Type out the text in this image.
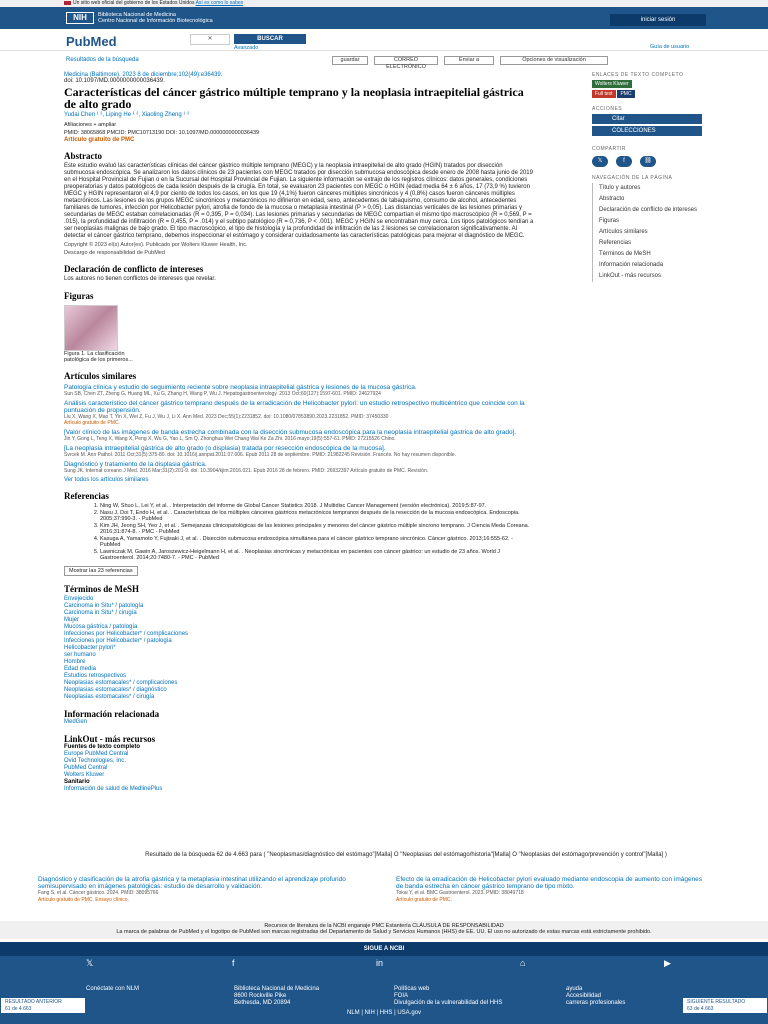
Un sitio web oficial del gobierno de los Estados Unidos Así es como lo sabes
NIH	Biblioteca Nacional de Medicina
Centro Nacional de Información Biotecnológica	iniciar sesión
PubMed	✕	BUSCAR
Avanzado	Guía de usuario
Resultados de la búsqueda	guardar	CORREO ELECTRÓNICO
Enviar a	Opciones de visualización
Medicina (Baltimore). 2023 8 de diciembre;102(49):e36439.
doi: 10.1097/MD.0000000000036439.
Características del cáncer gástrico múltiple temprano y la neoplasia intraepitelial gástrica de alto grado
Yudai Chen ¹ ², Liping He ¹ ², Xiaoling Zheng ¹ ²
Afiliaciones + ampliar
PMID: 38065868 PMCID: PMC10713190 DOI: 10.1097/MD.0000000000036439
Artículo gratuito de PMC
Abstracto
Este estudio evaluó las características clínicas del cáncer gástrico múltiple temprano (MEGC) y la neoplasia intraepitelial de alto grado (HGIN) tratados por disección submucosa endoscópica. Se analizaron los datos clínicos de 23 pacientes con MEGC tratados por disección submucosa endoscópica desde enero de 2008 hasta junio de 2019 en el Hospital Provincial de Fujian o en la Sucursal del Hospital Provincial de Fujian. La siguiente información se extrajo de los registros clínicos: datos generales, condiciones preoperatorias y datos patológicos de cada lesión después de la cirugía. En total, se evaluaron 23 pacientes con MEGC o HGIN (edad media 64 ± 6 años, 17 (73,9 %) tuvieron MEGC y HGIN representaron el 4,9 por ciento de todos los casos, en los que 19 (4,1%) fueron cánceres múltiples sincrónicos y 4 (0,8%) casos fueron cánceres múltiples metacrónicos. Las lesiones de los grupos MEGC sincrónicos y metacrónicos no difirieron en edad, sexo, antecedentes de tabaquismo, consumo de alcohol, antecedentes familiares de tumores, infección por Helicobacter pylori, atrofia de fondo de la mucosa o metaplasia intestinal (P > 0,05). Las distancias verticales de las lesiones primarias y secundarias de MEGC estaban correlacionadas (R = 0,395, P = 0,034). Las lesiones primarias y secundarias de MEGC compartían el mismo tipo macroscópico (R = 0,569, P = .015), la profundidad de infiltración (R = 0,455, P = .014) y el subtipo patológico (R = 0,736, P < .001). MEGC y HGIN se encontraban muy cerca. Los tipos patológicos tendían a ser neoplasias malignas de bajo grado. El tipo macroscópico, el tipo de histología y la profundidad de infiltración de las 2 lesiones se correlacionaron significativamente. Al detectar el cáncer gástrico temprano, debemos inspeccionar el estómago y considerar cuidadosamente las características patológicas para mejorar el diagnóstico de MEGC.
Copyright © 2023 el(s) Autor(es). Publicado por Wolters Kluwer Health, Inc.
Descargo de responsabilidad de PubMed
Declaración de conflicto de intereses
Los autores no tienen conflictos de intereses que revelar.
Figuras
Figura 1. La clasificación patológica de los primeros...
Artículos similares
Patología clínica y estudio de seguimiento reciente sobre neoplasia intraepitelial gástrica y lesiones de la mucosa gástrica.
Sun SB, Chen ZT, Zheng G, Huang ML, Xu G, Zhang H, Wang P, Wu J. Hepatogastroenterology. 2013 Oct;60(127):1597-601. PMID: 24627924
Análisis característico del cáncer gástrico temprano después de la erradicación de Helicobacter pylori: un estudio retrospectivo multicéntrico que coincide con la puntuación de propensión.
Liu X, Wang X, Mao T, Yin X, Wei Z, Fu J, Wu J, Li X. Ann Med. 2023 Dec;55(1):2231852. doi: 10.1080/07853890.2023.2231852. PMID: 37450330
Artículo gratuito de PMC.
[Valor clínico de las imágenes de banda estrecha combinada con la disección submucosa endoscópica para la neoplasia intraepitelial gástrica de alto grado].
Jin Y, Gong L, Teng X, Wang X, Peng X, Wu G, Yao L, Sm Q. Zhonghua Wei Chang Wai Ke Za Zhi. 2016 mayo;19(5):557-61. PMID: 27215526 Chino.
[La neoplasia intraepitelial gástrica de alto grado (o displasia) tratada por resección endoscópica de la mucosa].
Svrcek M. Ann Pathol. 2011 Oct;31(5):375-80. doi: 10.1016/j.annpat.2011.07.006. Epub 2011 28 de septiembre. PMID: 21982245 Revisión. Francés. No hay resumen disponible.
Diagnóstico y tratamiento de la displasia gástrica.
Sung JK. Internal coreano J Med. 2016 Mar;31(2):201-9. doi: 10.3904/kjim.2016.021. Epub 2016 28 de febrero. PMID: 26932397 Artículo gratuito de PMC. Revisión.
Ver todos los artículos similares
Referencias
1. Ning W, Shuo L, Lei Y, et al. . Interpretación del informe de Global Cancer Statistics 2018. J Multidisc Cancer Management (versión electrónica). 2019;5:87-97.
2. Nasu J, Doi T, Endo H, et al. . Características de los múltiples cánceres gástricos metacrónicos tempranos después de la resección de la mucosa endoscópica. Endoscopia. 2005;37:990-3. - PubMed
3. Kim JH, Jeong SH, Yeo J, et al. . Semejanzas clinicopatológicas de las lesiones principales y menores del cáncer gástrico múltiple sincrono temprano. J Ciencia Meda Coreana. 2016;31:874-8. - PMC - PubMed
4. Kasuga A, Yamamoto Y, Fujisaki J, et al. . Disección submucosa endoscópica simultánea para el cáncer gástrico temprano sincrónico. Cáncer gástrico. 2013;16:555-62. - PubMed
5. Lawniczak M, Gawin A, Jaroszewicz-Heigelmann H, et al. . Neoplasias sincrónicas y metacrónicas en pacientes con cáncer gástrico: un estudio de 23 años. World J Gastroenterol. 2014;20:7480-7. - PMC - PubMed
Mostrar las 23 referencias
Términos de MeSH
Envejecido
Carcinoma in Situ* / patología
Carcinoma in Situ* / cirugía
Mujer
Mucosa gástrica / patología
Infecciones por Helicobacter* / complicaciones
Infecciones por Helicobacter* / patología
Helicobacter pylori*
ser humano
Hombre
Edad media
Estudios retrospectivos
Neoplasias estomacales* / complicaciones
Neoplasias estomacales* / diagnóstico
Neoplasias estomacales* / cirugía
Información relacionada
MedGen
LinkOut - más recursos
Fuentes de texto completo
Europe PubMed Central
Ovid Technologies, Inc.
PubMed Central
Wolters Kluwer
Sanitario
Información de salud de MedlinePlus
ENLACES DE TEXTO COMPLETO
Wolters Kluwer
Full text PMC
ACCIONES
Citar
COLECCIONES
COMPARTIR
𝕏	f	⛓
NAVEGACIÓN DE LA PÁGINA
Título y autores
Abstracto
Declaración de conflicto de intereses
Figuras
Artículos similares
Referencias
Términos de MeSH
Información relacionada
LinkOut - más recursos
Resultado de la búsqueda 62 de 4.663 para ( "Neoplasmas/diagnóstico del estómago"[Malla] O "Neoplasias del estómago/historia"[Malla] O "Neoplasias del estómago/prevención y control"[Malla] )
Diagnóstico y clasificación de la atrofia gástrica y la metaplasia intestinal utilizando el aprendizaje profundo semisupervisado en imágenes patológicas: estudio de desarrollo y validación.
Fang S, et al. Cáncer gástrico. 2024. PMID: 38095766
Artículo gratuito de PMC. Ensayo clínico.
Efecto de la erradicación de Helicobacter pylori evaluado mediante endoscopia de aumento con imágenes de banda estrecha en cáncer gástrico temprano de tipo mixto.
Tokai Y, et al. BMC Gastroenterol. 2023. PMID: 38049718
Artículo gratuito de PMC.
Recursos de literatura de la NCBI enganaje PMC Estantería CLÁUSULA DE RESPONSABILIDAD
La marca de palabras de PubMed y el logotipo de PubMed son marcas registradas del Departamento de Salud y Servicios Humanos (HHS) de EE. UU. El uso no autorizado de estas marcas está estrictamente prohibido.
SIGUE A NCBI
𝕏	f	in	⌂	▶
Conéctate con NLM	Biblioteca Nacional de Medicina
8600 Rockville Pike
Bethesda, MD 20894
Políticas web
FOIA
Divulgación de la vulnerabilidad del HHS
ayuda
Accesibilidad
carreras profesionales
NLM | NIH | HHS | USA.gov
RESULTADO ANTERIOR
61 de 4.663
SIGUIENTE RESULTADO
63 de 4.663
